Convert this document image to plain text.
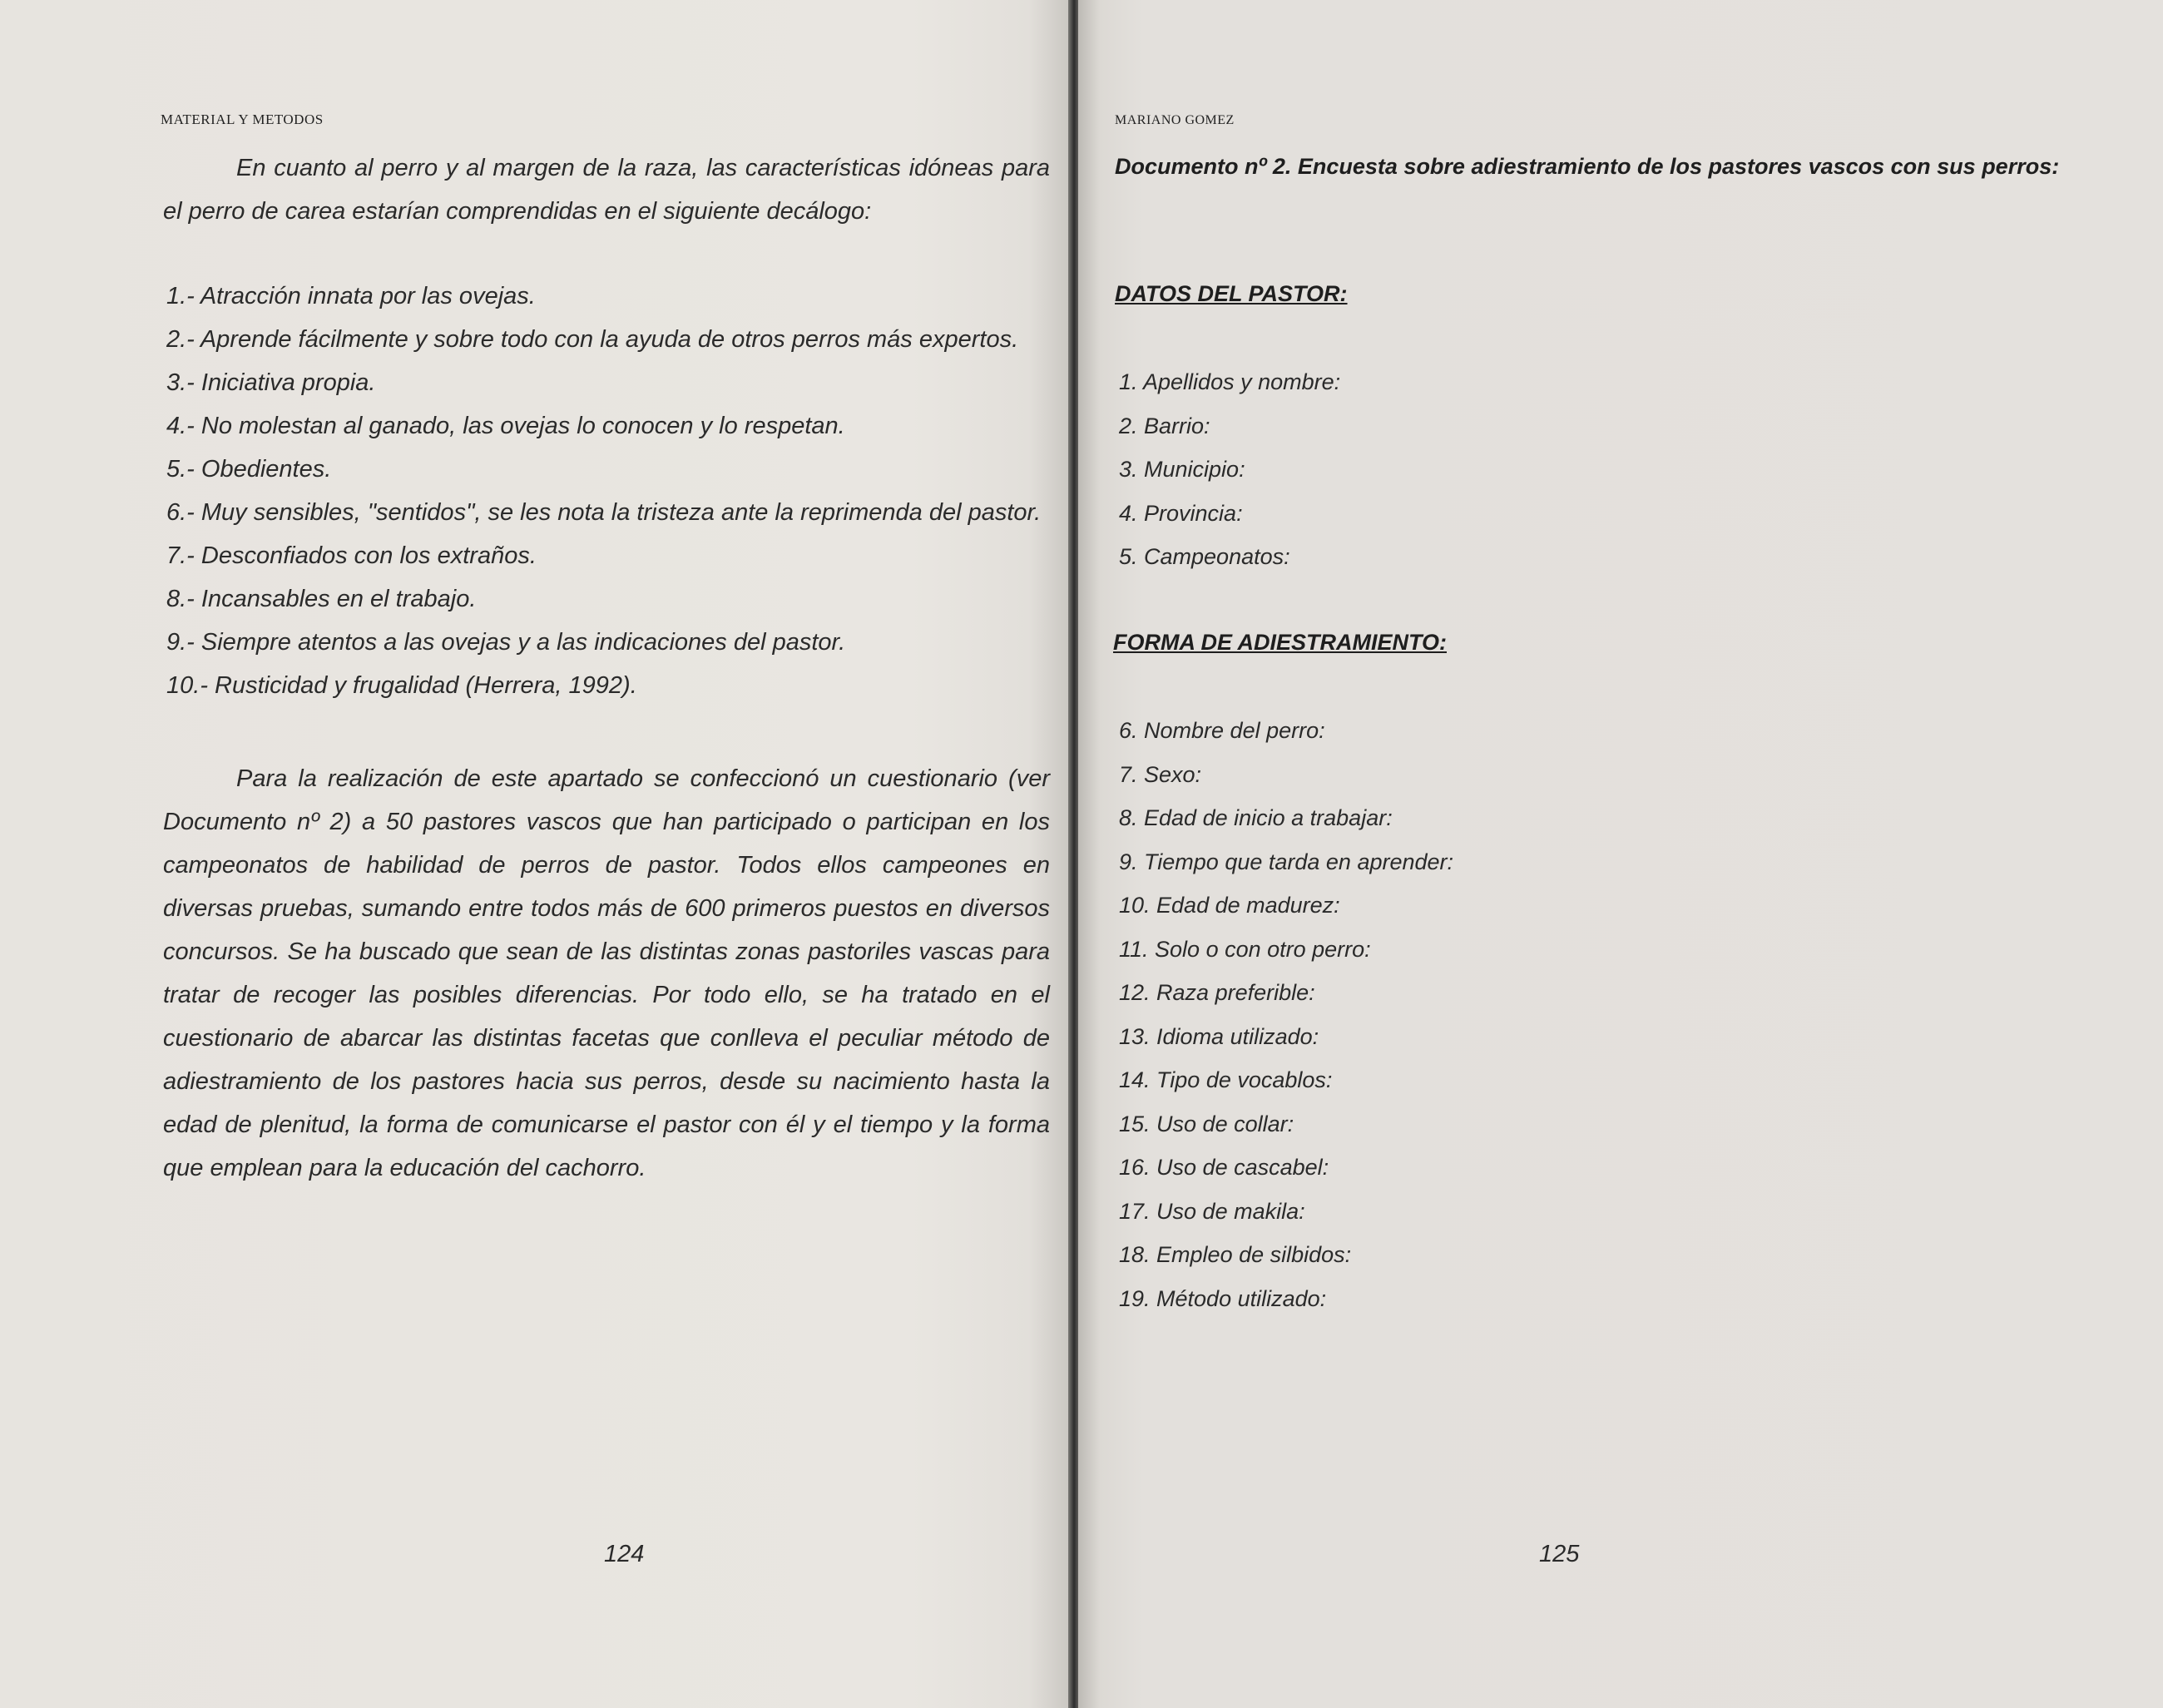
MATERIAL Y METODOS
En cuanto al perro y al margen de la raza, las características idóneas para el perro de carea estarían comprendidas en el siguiente decálogo:
1.- Atracción innata por las ovejas.
2.- Aprende fácilmente y sobre todo con la ayuda de otros perros más expertos.
3.- Iniciativa propia.
4.- No molestan al ganado, las ovejas lo conocen y lo respetan.
5.- Obedientes.
6.- Muy sensibles, "sentidos", se les nota la tristeza ante la reprimenda del pastor.
7.- Desconfiados con los extraños.
8.- Incansables en el trabajo.
9.- Siempre atentos a las ovejas y a las indicaciones del pastor.
10.- Rusticidad y frugalidad (Herrera, 1992).
Para la realización de este apartado se confeccionó un cuestionario (ver Documento nº 2) a 50 pastores vascos que han participado o participan en los campeonatos de habilidad de perros de pastor. Todos ellos campeones en diversas pruebas, sumando entre todos más de 600 primeros puestos en diversos concursos. Se ha buscado que sean de las distintas zonas pastoriles vascas para tratar de recoger las posibles diferencias. Por todo ello, se ha tratado en el cuestionario de abarcar las distintas facetas que conlleva el peculiar método de adiestramiento de los pastores hacia sus perros, desde su nacimiento hasta la edad de plenitud, la forma de comunicarse el pastor con él y el tiempo y la forma que emplean para la educación del cachorro.
124
MARIANO GOMEZ
Documento nº 2. Encuesta sobre adiestramiento de los pastores vascos con sus perros:
DATOS DEL PASTOR:
1. Apellidos y nombre:
2. Barrio:
3. Municipio:
4. Provincia:
5. Campeonatos:
FORMA DE ADIESTRAMIENTO:
6. Nombre del perro:
7. Sexo:
8. Edad de inicio a trabajar:
9. Tiempo que tarda en aprender:
10. Edad de madurez:
11. Solo o con otro perro:
12. Raza preferible:
13. Idioma utilizado:
14. Tipo de vocablos:
15. Uso de collar:
16. Uso de cascabel:
17. Uso de makila:
18. Empleo de silbidos:
19. Método utilizado:
125
